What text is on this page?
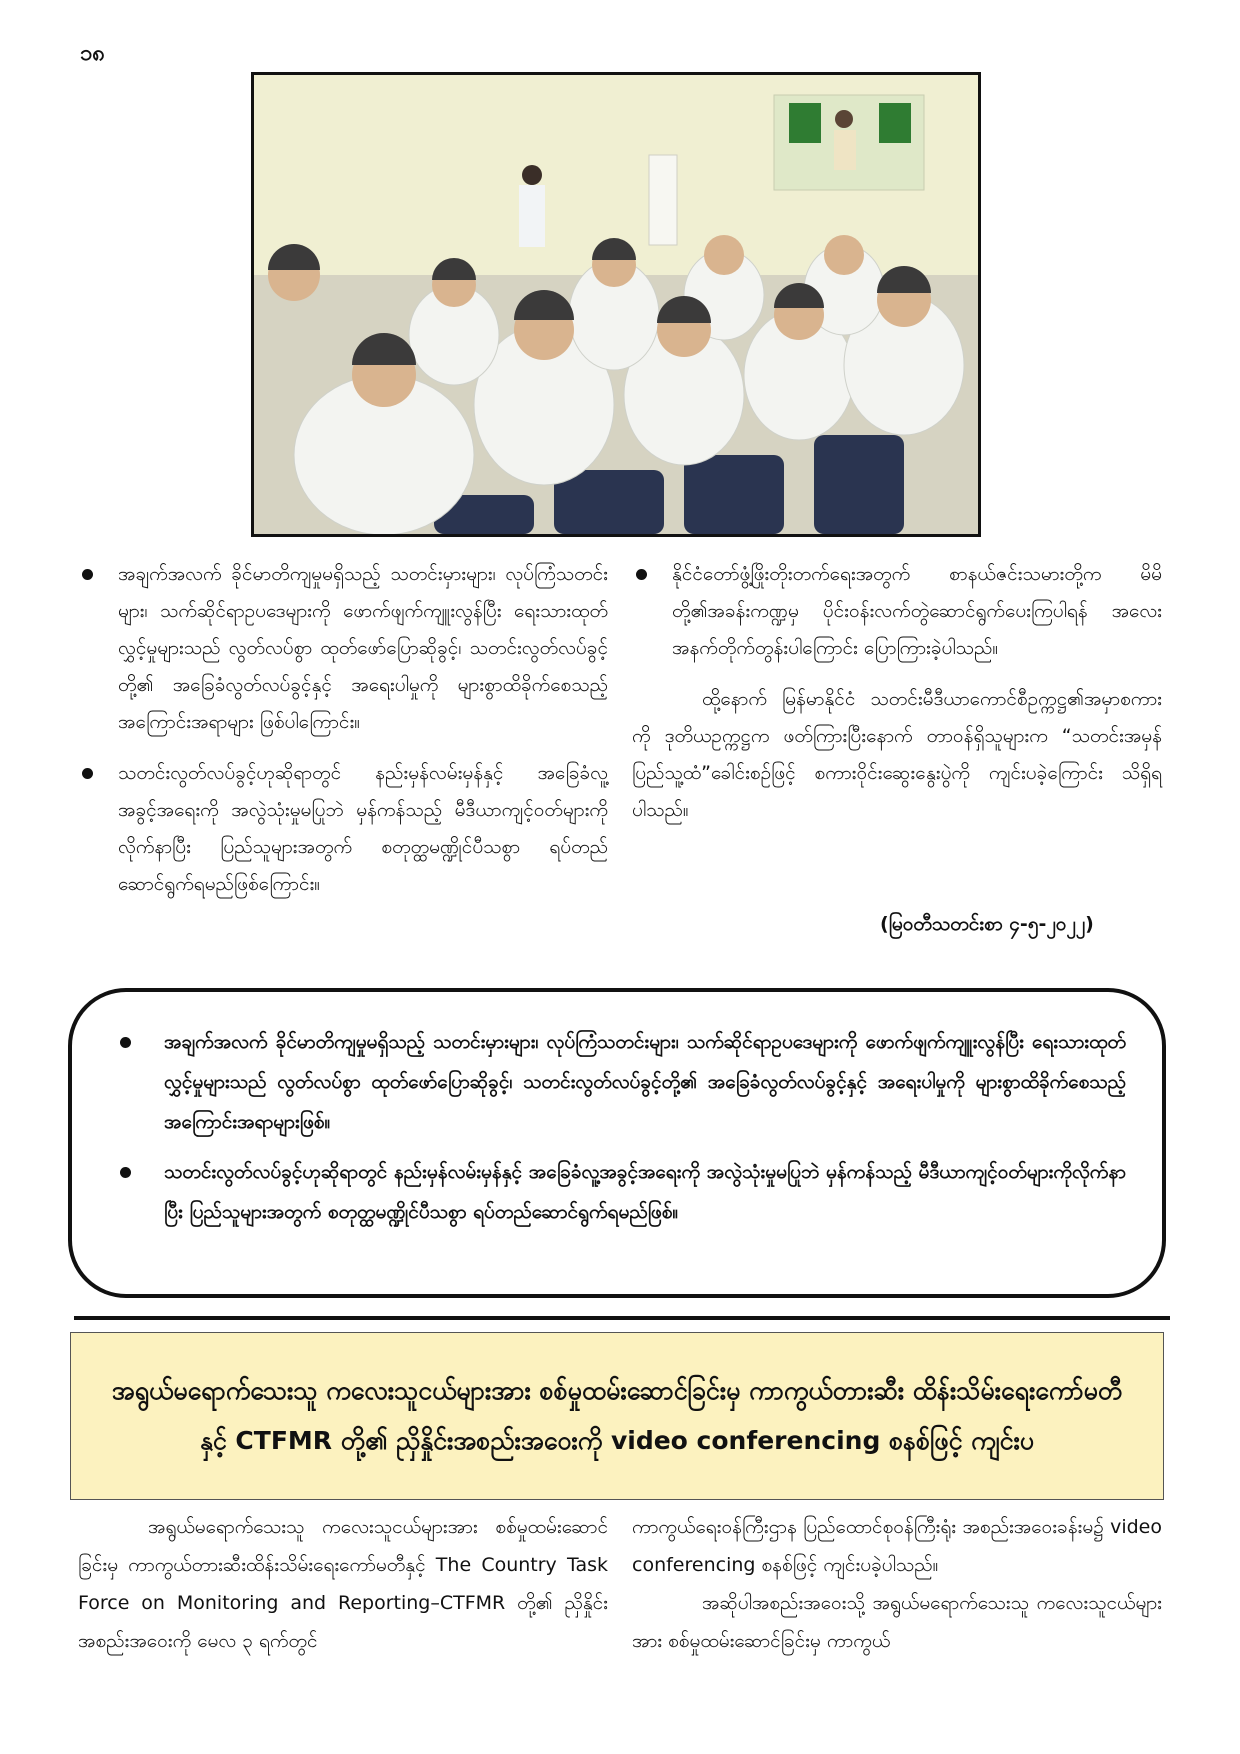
၁၈
အချက်အလက် ခိုင်မာတိကျမှုမရှိသည့် သတင်းမှားများ၊ လုပ်ကြံသတင်းများ၊ သက်ဆိုင်ရာဥပဒေများကို ဖောက်ဖျက်ကျူးလွန်ပြီး ရေးသားထုတ်လွှင့်မှုများသည် လွတ်လပ်စွာ ထုတ်ဖော်ပြောဆိုခွင့်၊ သတင်းလွတ်လပ်ခွင့်တို့၏ အခြေခံလွတ်လပ်ခွင့်နှင့် အရေးပါမှုကို များစွာထိခိုက်စေသည့် အကြောင်းအရာများ ဖြစ်ပါကြောင်း။
သတင်းလွတ်လပ်ခွင့်ဟုဆိုရာတွင် နည်းမှန်လမ်းမှန်နှင့် အခြေခံလူ့အခွင့်အရေးကို အလွဲသုံးမှုမပြုဘဲ မှန်ကန်သည့် မီဒီယာကျင့်ဝတ်များကိုလိုက်နာပြီး ပြည်သူများအတွက် စတုတ္ထမဏ္ဍိုင်ပီသစွာ ရပ်တည်ဆောင်ရွက်ရမည်ဖြစ်ကြောင်း။
နိုင်ငံတော်ဖွံ့ဖြိုးတိုးတက်ရေးအတွက် စာနယ်ဇင်းသမားတို့က မိမိတို့၏အခန်းကဏ္ဍမှ ပိုင်းဝန်းလက်တွဲဆောင်ရွက်ပေးကြပါရန် အလေးအနက်တိုက်တွန်းပါကြောင်း ပြောကြားခဲ့ပါသည်။

ထို့နောက် မြန်မာနိုင်ငံ သတင်းမီဒီယာကောင်စီဥက္ကဋ္ဌ၏အမှာစကားကို ဒုတိယဥက္ကဋ္ဌက ဖတ်ကြားပြီးနောက် တာဝန်ရှိသူများက “သတင်းအမှန်ပြည်သူ့ထံ”ခေါင်းစဉ်ဖြင့် စကားဝိုင်းဆွေးနွေးပွဲကို ကျင်းပခဲ့ကြောင်း သိရှိရပါသည်။

(မြဝတီသတင်းစာ ၄-၅-၂၀၂၂)
အချက်အလက် ခိုင်မာတိကျမှုမရှိသည့် သတင်းမှားများ၊ လုပ်ကြံသတင်းများ၊ သက်ဆိုင်ရာဥပဒေများကို ဖောက်ဖျက်ကျူးလွန်ပြီး ရေးသားထုတ်လွှင့်မှုများသည် လွတ်လပ်စွာ ထုတ်ဖော်ပြောဆိုခွင့်၊ သတင်းလွတ်လပ်ခွင့်တို့၏ အခြေခံလွတ်လပ်ခွင့်နှင့် အရေးပါမှုကို များစွာထိခိုက်စေသည့် အကြောင်းအရာများဖြစ်။
သတင်းလွတ်လပ်ခွင့်ဟုဆိုရာတွင် နည်းမှန်လမ်းမှန်နှင့် အခြေခံလူ့အခွင့်အရေးကို အလွဲသုံးမှုမပြုဘဲ မှန်ကန်သည့် မီဒီယာကျင့်ဝတ်များကိုလိုက်နာပြီး ပြည်သူများအတွက် စတုတ္ထမဏ္ဍိုင်ပီသစွာ ရပ်တည်ဆောင်ရွက်ရမည်ဖြစ်။
အရွယ်မရောက်သေးသူ ကလေးသူငယ်များအား စစ်မှုထမ်းဆောင်ခြင်းမှ ကာကွယ်တားဆီး ထိန်းသိမ်းရေးကော်မတီနှင့် CTFMR တို့၏ ညှိနှိုင်းအစည်းအဝေးကို video conferencing စနစ်ဖြင့် ကျင်းပ

အရွယ်မရောက်သေးသူ ကလေးသူငယ်များအား စစ်မှုထမ်းဆောင်ခြင်းမှ ကာကွယ်တားဆီးထိန်းသိမ်းရေးကော်မတီနှင့် The Country Task Force on Monitoring and Reporting–CTFMR တို့၏ ညှိနှိုင်းအစည်းအဝေးကို မေလ ၃ ရက်တွင်

ကာကွယ်ရေးဝန်ကြီးဌာန ပြည်ထောင်စုဝန်ကြီးရုံး အစည်းအဝေးခန်းမ၌ video conferencing စနစ်ဖြင့် ကျင်းပခဲ့ပါသည်။

အဆိုပါအစည်းအဝေးသို့ အရွယ်မရောက်သေးသူ ကလေးသူငယ်များအား စစ်မှုထမ်းဆောင်ခြင်းမှ ကာကွယ်
